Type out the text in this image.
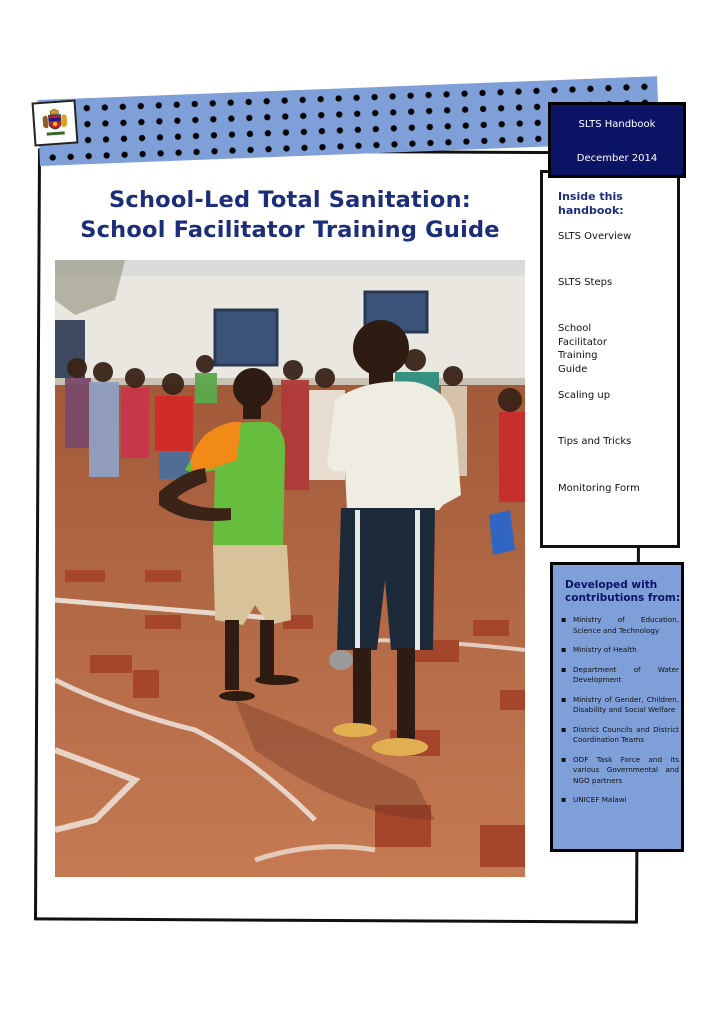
School-Led Total Sanitation:
School Facilitator Training Guide
SLTS Handbook
December 2014
Inside this handbook:
SLTS Overview
SLTS Steps
School Facilitator Training Guide
Scaling up
Tips and Tricks
Monitoring Form
Developed with contributions from:
▪ Ministry of Education, Science and Technology
▪ Ministry of Health
▪ Department of Water Development
▪ Ministry of Gender, Children, Disability and Social Welfare
▪ District Councils and District Coordination Teams
▪ ODF Task Force and its various Governmental and NGO partners
▪ UNICEF Malawi
